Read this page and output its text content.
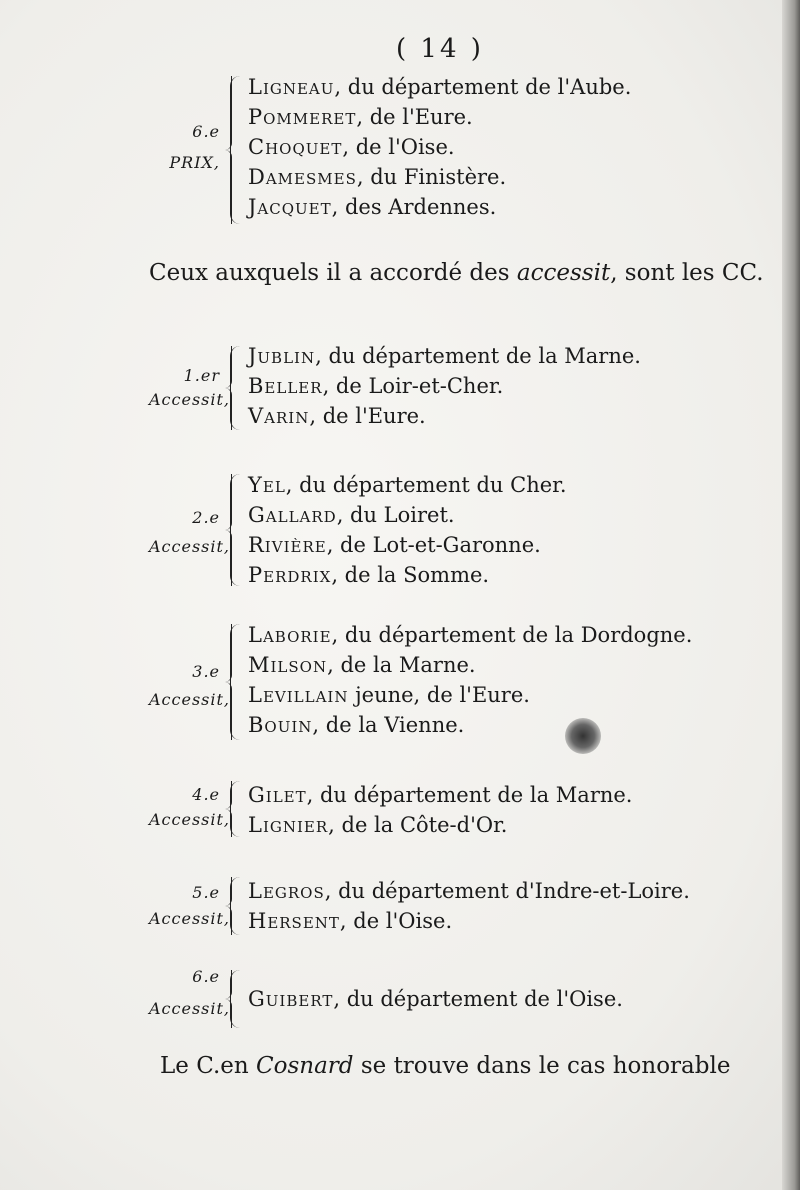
( 14 )
6.e
PRIX,
Ligneau, du département de l'Aube.
Pommeret, de l'Eure.
Choquet, de l'Oise.
Damesmes, du Finistère.
Jacquet, des Ardennes.
Ceux auxquels il a accordé des accessit, sont les CC.
1.er
Accessit,
Jublin, du département de la Marne.
Beller, de Loir-et-Cher.
Varin, de l'Eure.
2.e
Accessit,
Yel, du département du Cher.
Gallard, du Loiret.
Rivière, de Lot-et-Garonne.
Perdrix, de la Somme.
3.e
Accessit,
Laborie, du département de la Dordogne.
Milson, de la Marne.
Levillain jeune, de l'Eure.
Bouin, de la Vienne.
4.e
Accessit,
Gilet, du département de la Marne.
Lignier, de la Côte-d'Or.
5.e
Accessit,
Legros, du département d'Indre-et-Loire.
Hersent, de l'Oise.
6.e
Accessit, Guibert, du département de l'Oise.
Le C.en Cosnard se trouve dans le cas honorable
